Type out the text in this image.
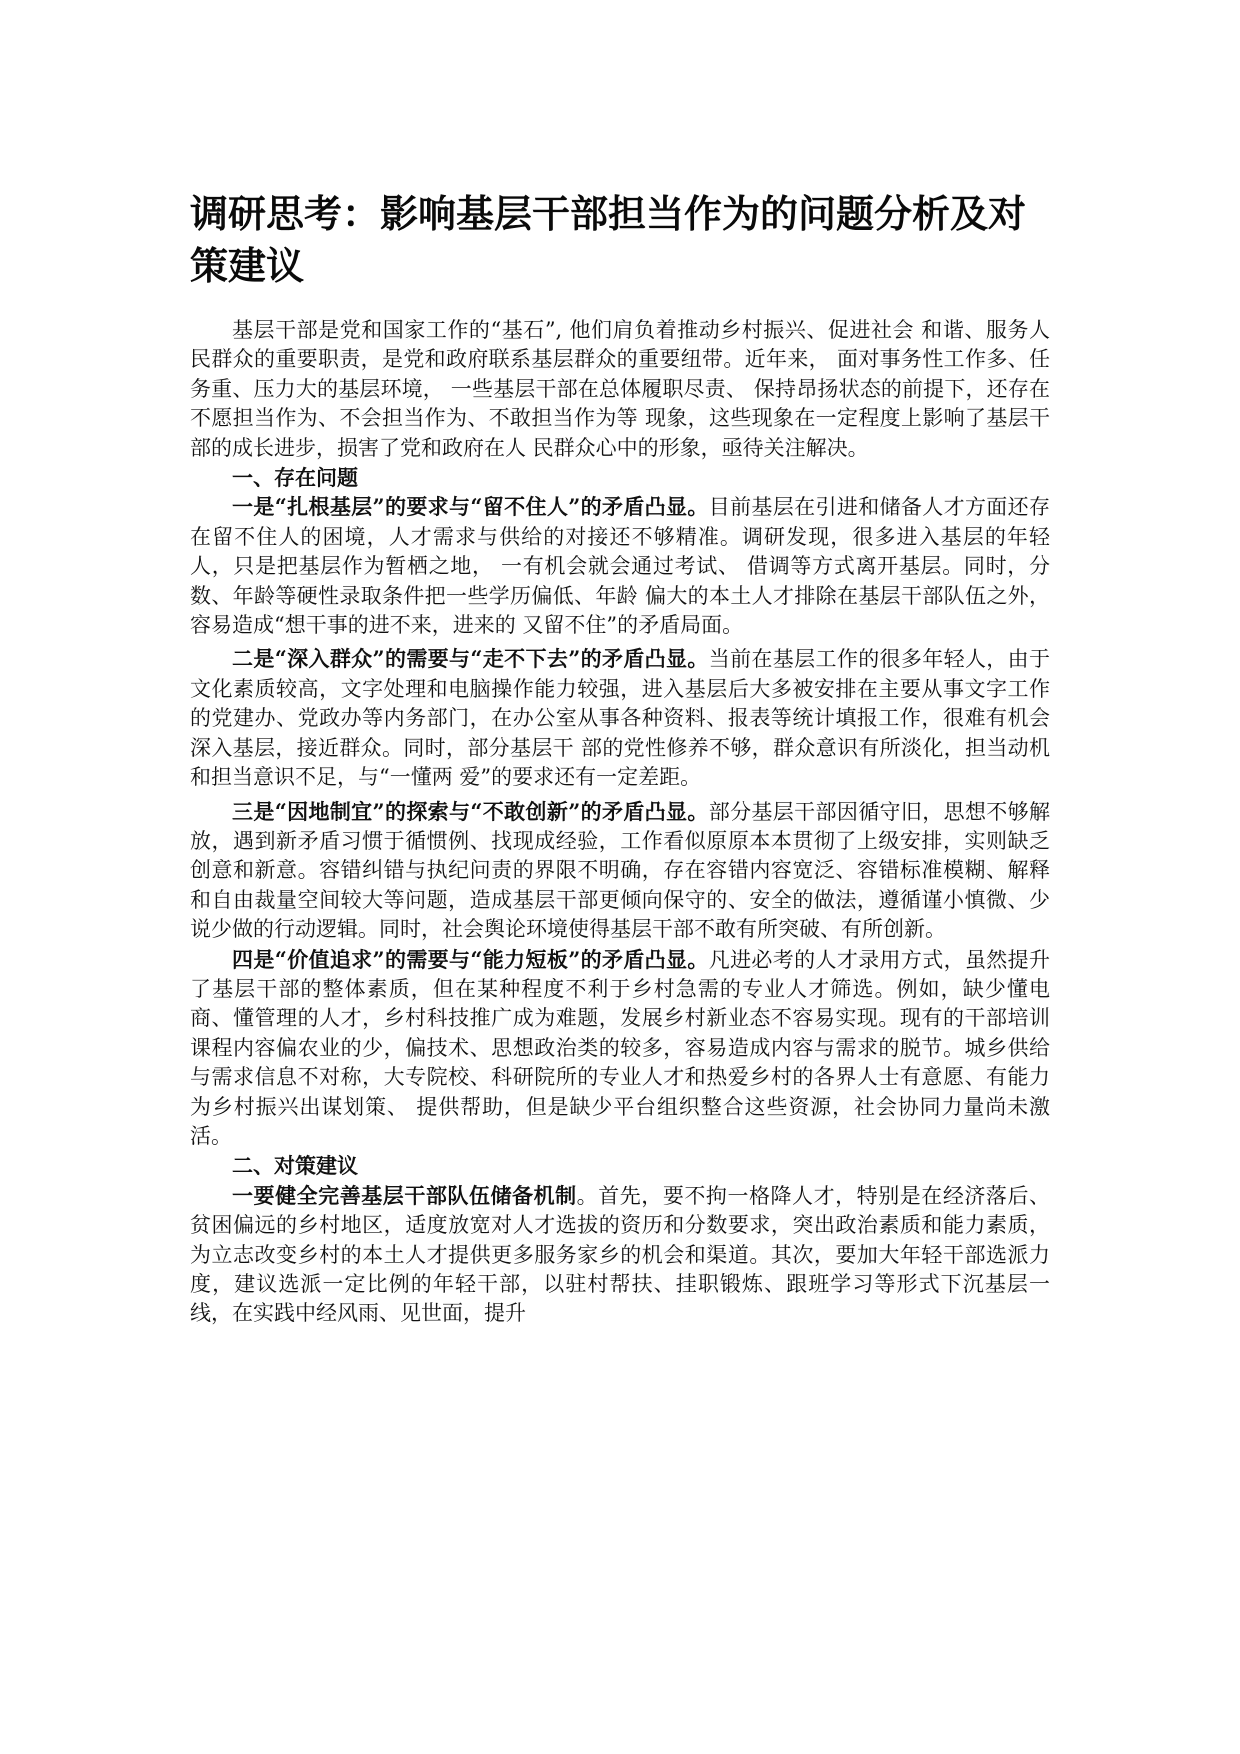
调研思考：影响基层干部担当作为的问题分析及对策建议

基层干部是党和国家工作的“基石”, 他们肩负着推动乡村振兴、促进社会 和谐、服务人民群众的重要职责，是党和政府联系基层群众的重要纽带。近年来， 面对事务性工作多、任务重、压力大的基层环境， 一些基层干部在总体履职尽责、 保持昂扬状态的前提下，还存在不愿担当作为、不会担当作为、不敢担当作为等 现象，这些现象在一定程度上影响了基层干部的成长进步，损害了党和政府在人 民群众心中的形象，亟待关注解决。

一、存在问题

一是“扎根基层”的要求与“留不住人”的矛盾凸显。目前基层在引进和储备人才方面还存在留不住人的困境，人才需求与供给的对接还不够精准。调研发现，很多进入基层的年轻人，只是把基层作为暂栖之地， 一有机会就会通过考试、 借调等方式离开基层。同时，分数、年龄等硬性录取条件把一些学历偏低、年龄 偏大的本土人才排除在基层干部队伍之外，容易造成“想干事的进不来，进来的 又留不住”的矛盾局面。

二是“深入群众”的需要与“走不下去”的矛盾凸显。当前在基层工作的很多年轻人，由于文化素质较高，文字处理和电脑操作能力较强，进入基层后大多被安排在主要从事文字工作的党建办、党政办等内务部门，在办公室从事各种资料、报表等统计填报工作，很难有机会深入基层，接近群众。同时，部分基层干 部的党性修养不够，群众意识有所淡化，担当动机和担当意识不足，与“一懂两 爱”的要求还有一定差距。

三是“因地制宜”的探索与“不敢创新”的矛盾凸显。部分基层干部因循守旧，思想不够解放，遇到新矛盾习惯于循惯例、找现成经验，工作看似原原本本贯彻了上级安排，实则缺乏创意和新意。容错纠错与执纪问责的界限不明确，存在容错内容宽泛、容错标准模糊、解释和自由裁量空间较大等问题，造成基层干部更倾向保守的、安全的做法，遵循谨小慎微、少说少做的行动逻辑。同时，社会舆论环境使得基层干部不敢有所突破、有所创新。

四是“价值追求”的需要与“能力短板”的矛盾凸显。凡进必考的人才录用方式，虽然提升了基层干部的整体素质，但在某种程度不利于乡村急需的专业人才筛选。例如，缺少懂电商、懂管理的人才，乡村科技推广成为难题，发展乡村新业态不容易实现。现有的干部培训课程内容偏农业的少，偏技术、思想政治类的较多，容易造成内容与需求的脱节。城乡供给与需求信息不对称，大专院校、科研院所的专业人才和热爱乡村的各界人士有意愿、有能力为乡村振兴出谋划策、 提供帮助，但是缺少平台组织整合这些资源，社会协同力量尚未激活。

二、对策建议

一要健全完善基层干部队伍储备机制。首先，要不拘一格降人才，特别是在经济落后、贫困偏远的乡村地区，适度放宽对人才选拔的资历和分数要求，突出政治素质和能力素质，为立志改变乡村的本土人才提供更多服务家乡的机会和渠道。其次，要加大年轻干部选派力度，建议选派一定比例的年轻干部，以驻村帮扶、挂职锻炼、跟班学习等形式下沉基层一线，在实践中经风雨、见世面，提升
